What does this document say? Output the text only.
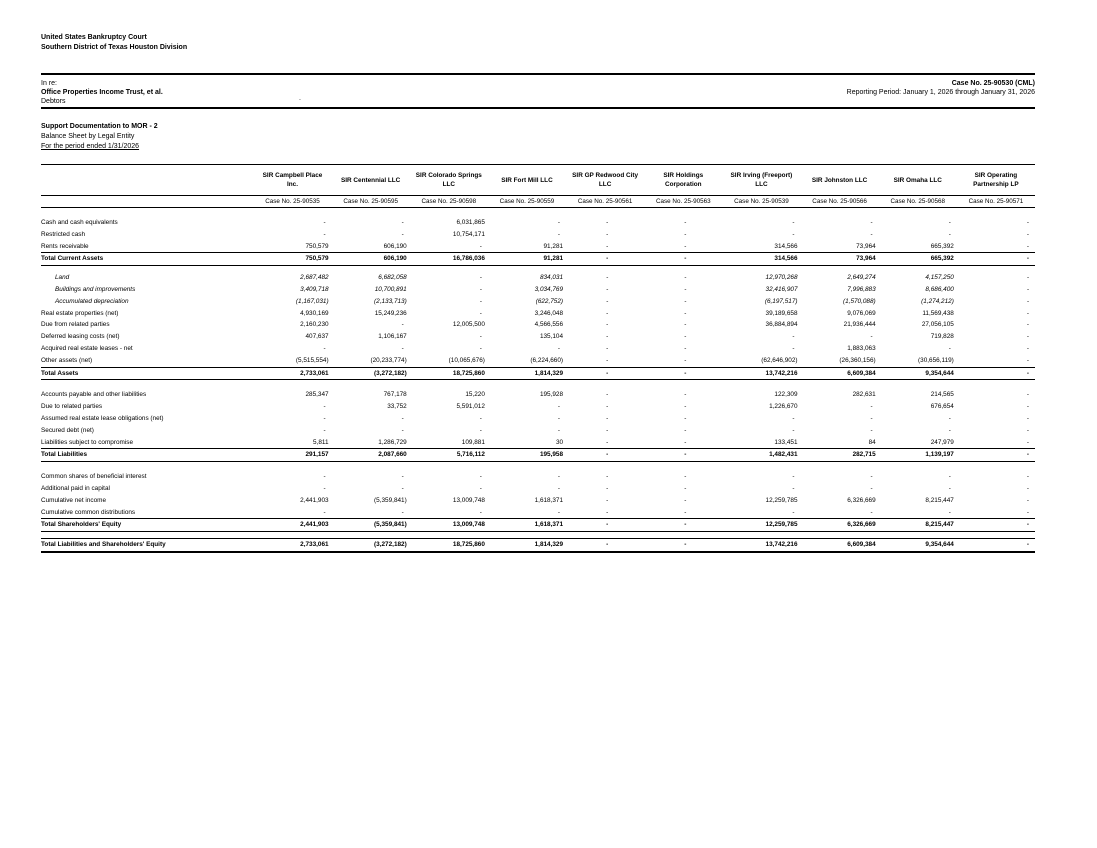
United States Bankruptcy Court
Southern District of Texas Houston Division
In re:
Office Properties Income Trust, et al.
Debtors	.
Case No. 25-90530 (CML)
Reporting Period: January 1, 2026 through January 31, 2026
Support Documentation to MOR - 2
Balance Sheet by Legal Entity
For the period ended 1/31/2026
	SIR Campbell Place Inc.	SIR Centennial LLC	SIR Colorado Springs LLC	SIR Fort Mill LLC	SIR GP Redwood City LLC	SIR Holdings Corporation	SIR Irving (Freeport) LLC	SIR Johnston LLC	SIR Omaha LLC	SIR Operating Partnership LP
	Case No. 25-90535	Case No. 25-90595	Case No. 25-90598	Case No. 25-90559	Case No. 25-90561	Case No. 25-90563	Case No. 25-90539	Case No. 25-90566	Case No. 25-90568	Case No. 25-90571

Cash and cash equivalents	-	-	6,031,865	-	-	-	-	-	-	-
Restricted cash	-	-	10,754,171	-	-	-	-	-	-	-
Rents receivable	750,579	606,190	-	91,281	-	-	314,566	73,964	665,392	-
Total Current Assets	750,579	606,190	16,786,036	91,281	-	-	314,566	73,964	665,392	-

Land	2,687,482	6,682,058	-	834,031	-	-	12,970,268	2,649,274	4,157,250	-
Buildings and improvements	3,409,718	10,700,891	-	3,034,769	-	-	32,416,907	7,996,883	8,686,400	-
Accumulated depreciation	(1,167,031)	(2,133,713)	-	(622,752)	-	-	(6,197,517)	(1,570,088)	(1,274,212)	-
Real estate properties (net)	4,930,169	15,249,236	-	3,246,048	-	-	39,189,658	9,076,069	11,569,438	-
Due from related parties	2,160,230	-	12,005,500	4,566,556	-	-	36,884,894	21,936,444	27,056,105	-
Deferred leasing costs (net)	407,637	1,106,167	-	135,104	-	-	-	-	719,828	-
Acquired real estate leases - net	-	-	-	-	-	-	-	1,883,063	-	-
Other assets (net)	(5,515,554)	(20,233,774)	(10,065,676)	(6,224,660)	-	-	(62,646,902)	(26,360,156)	(30,656,119)	-
Total Assets	2,733,061	(3,272,182)	18,725,860	1,814,329	-	-	13,742,216	6,609,384	9,354,644	-

Accounts payable and other liabilities	285,347	767,178	15,220	195,928	-	-	122,309	282,631	214,565	-
Due to related parties	-	33,752	5,591,012	-	-	-	1,226,670	-	676,654	-
Assumed real estate lease obligations (net)	-	-	-	-	-	-	-	-	-	-
Secured debt (net)	-	-	-	-	-	-	-	-	-	-
Liabilities subject to compromise	5,811	1,286,729	109,881	30	-	-	133,451	84	247,979	-
Total Liabilities	291,157	2,087,660	5,716,112	195,958	-	-	1,482,431	282,715	1,139,197	-

Common shares of beneficial interest	-	-	-	-	-	-	-	-	-	-
Additional paid in capital	-	-	-	-	-	-	-	-	-	-
Cumulative net income	2,441,903	(5,359,841)	13,009,748	1,618,371	-	-	12,259,785	6,326,669	8,215,447	-
Cumulative common distributions	-	-	-	-	-	-	-	-	-	-
Total Shareholders' Equity	2,441,903	(5,359,841)	13,009,748	1,618,371	-	-	12,259,785	6,326,669	8,215,447	-

Total Liabilities and Shareholders' Equity	2,733,061	(3,272,182)	18,725,860	1,814,329	-	-	13,742,216	6,609,384	9,354,644	-
